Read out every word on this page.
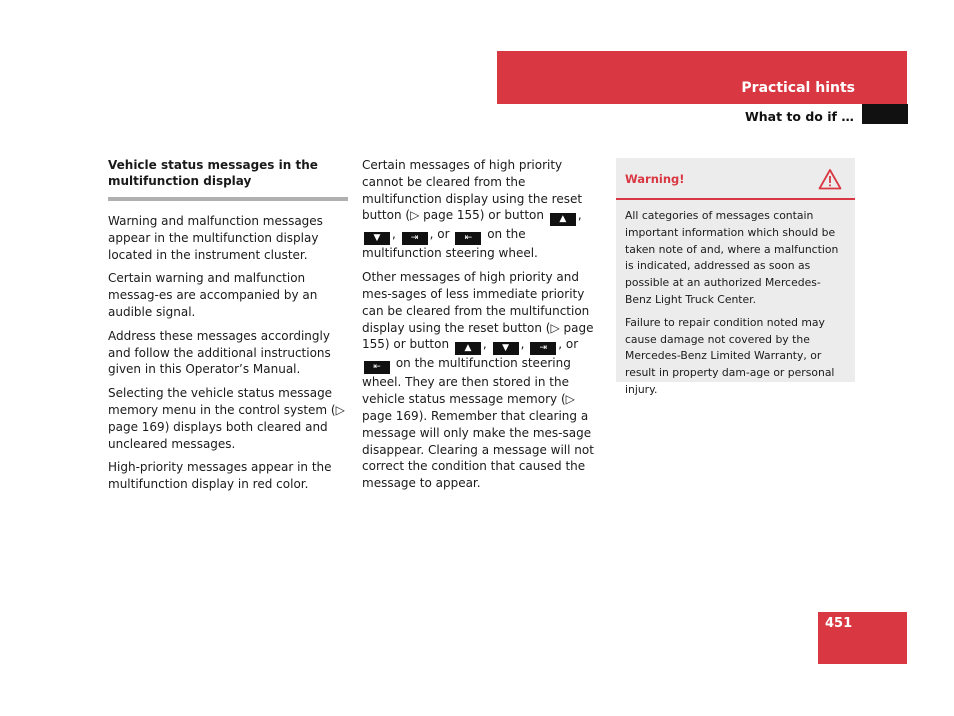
Practical hints
What to do if …

Vehicle status messages in the multifunction display

Warning and malfunction messages appear in the multifunction display located in the instrument cluster.

Certain warning and malfunction messag-es are accompanied by an audible signal.

Address these messages accordingly and follow the additional instructions given in this Operator’s Manual.

Selecting the vehicle status message memory menu in the control system (▷ page 169) displays both cleared and uncleared messages.

High-priority messages appear in the multifunction display in red color.

Certain messages of high priority cannot be cleared from the multifunction display using the reset button (▷ page 155) or button ▲ , ▼ , ⇥ , or ⇤ on the multifunction steering wheel.

Other messages of high priority and mes-sages of less immediate priority can be cleared from the multifunction display using the reset button (▷ page 155) or button ▲ , ▼ , ⇥ , or ⇤ on the multifunction steering wheel. They are then stored in the vehicle status message memory (▷ page 169). Remember that clearing a message will only make the mes-sage disappear. Clearing a message will not correct the condition that caused the message to appear.

Warning!

All categories of messages contain important information which should be taken note of and, where a malfunction is indicated, addressed as soon as possible at an authorized Mercedes-Benz Light Truck Center.

Failure to repair condition noted may cause damage not covered by the Mercedes-Benz Limited Warranty, or result in property dam-age or personal injury.

451
